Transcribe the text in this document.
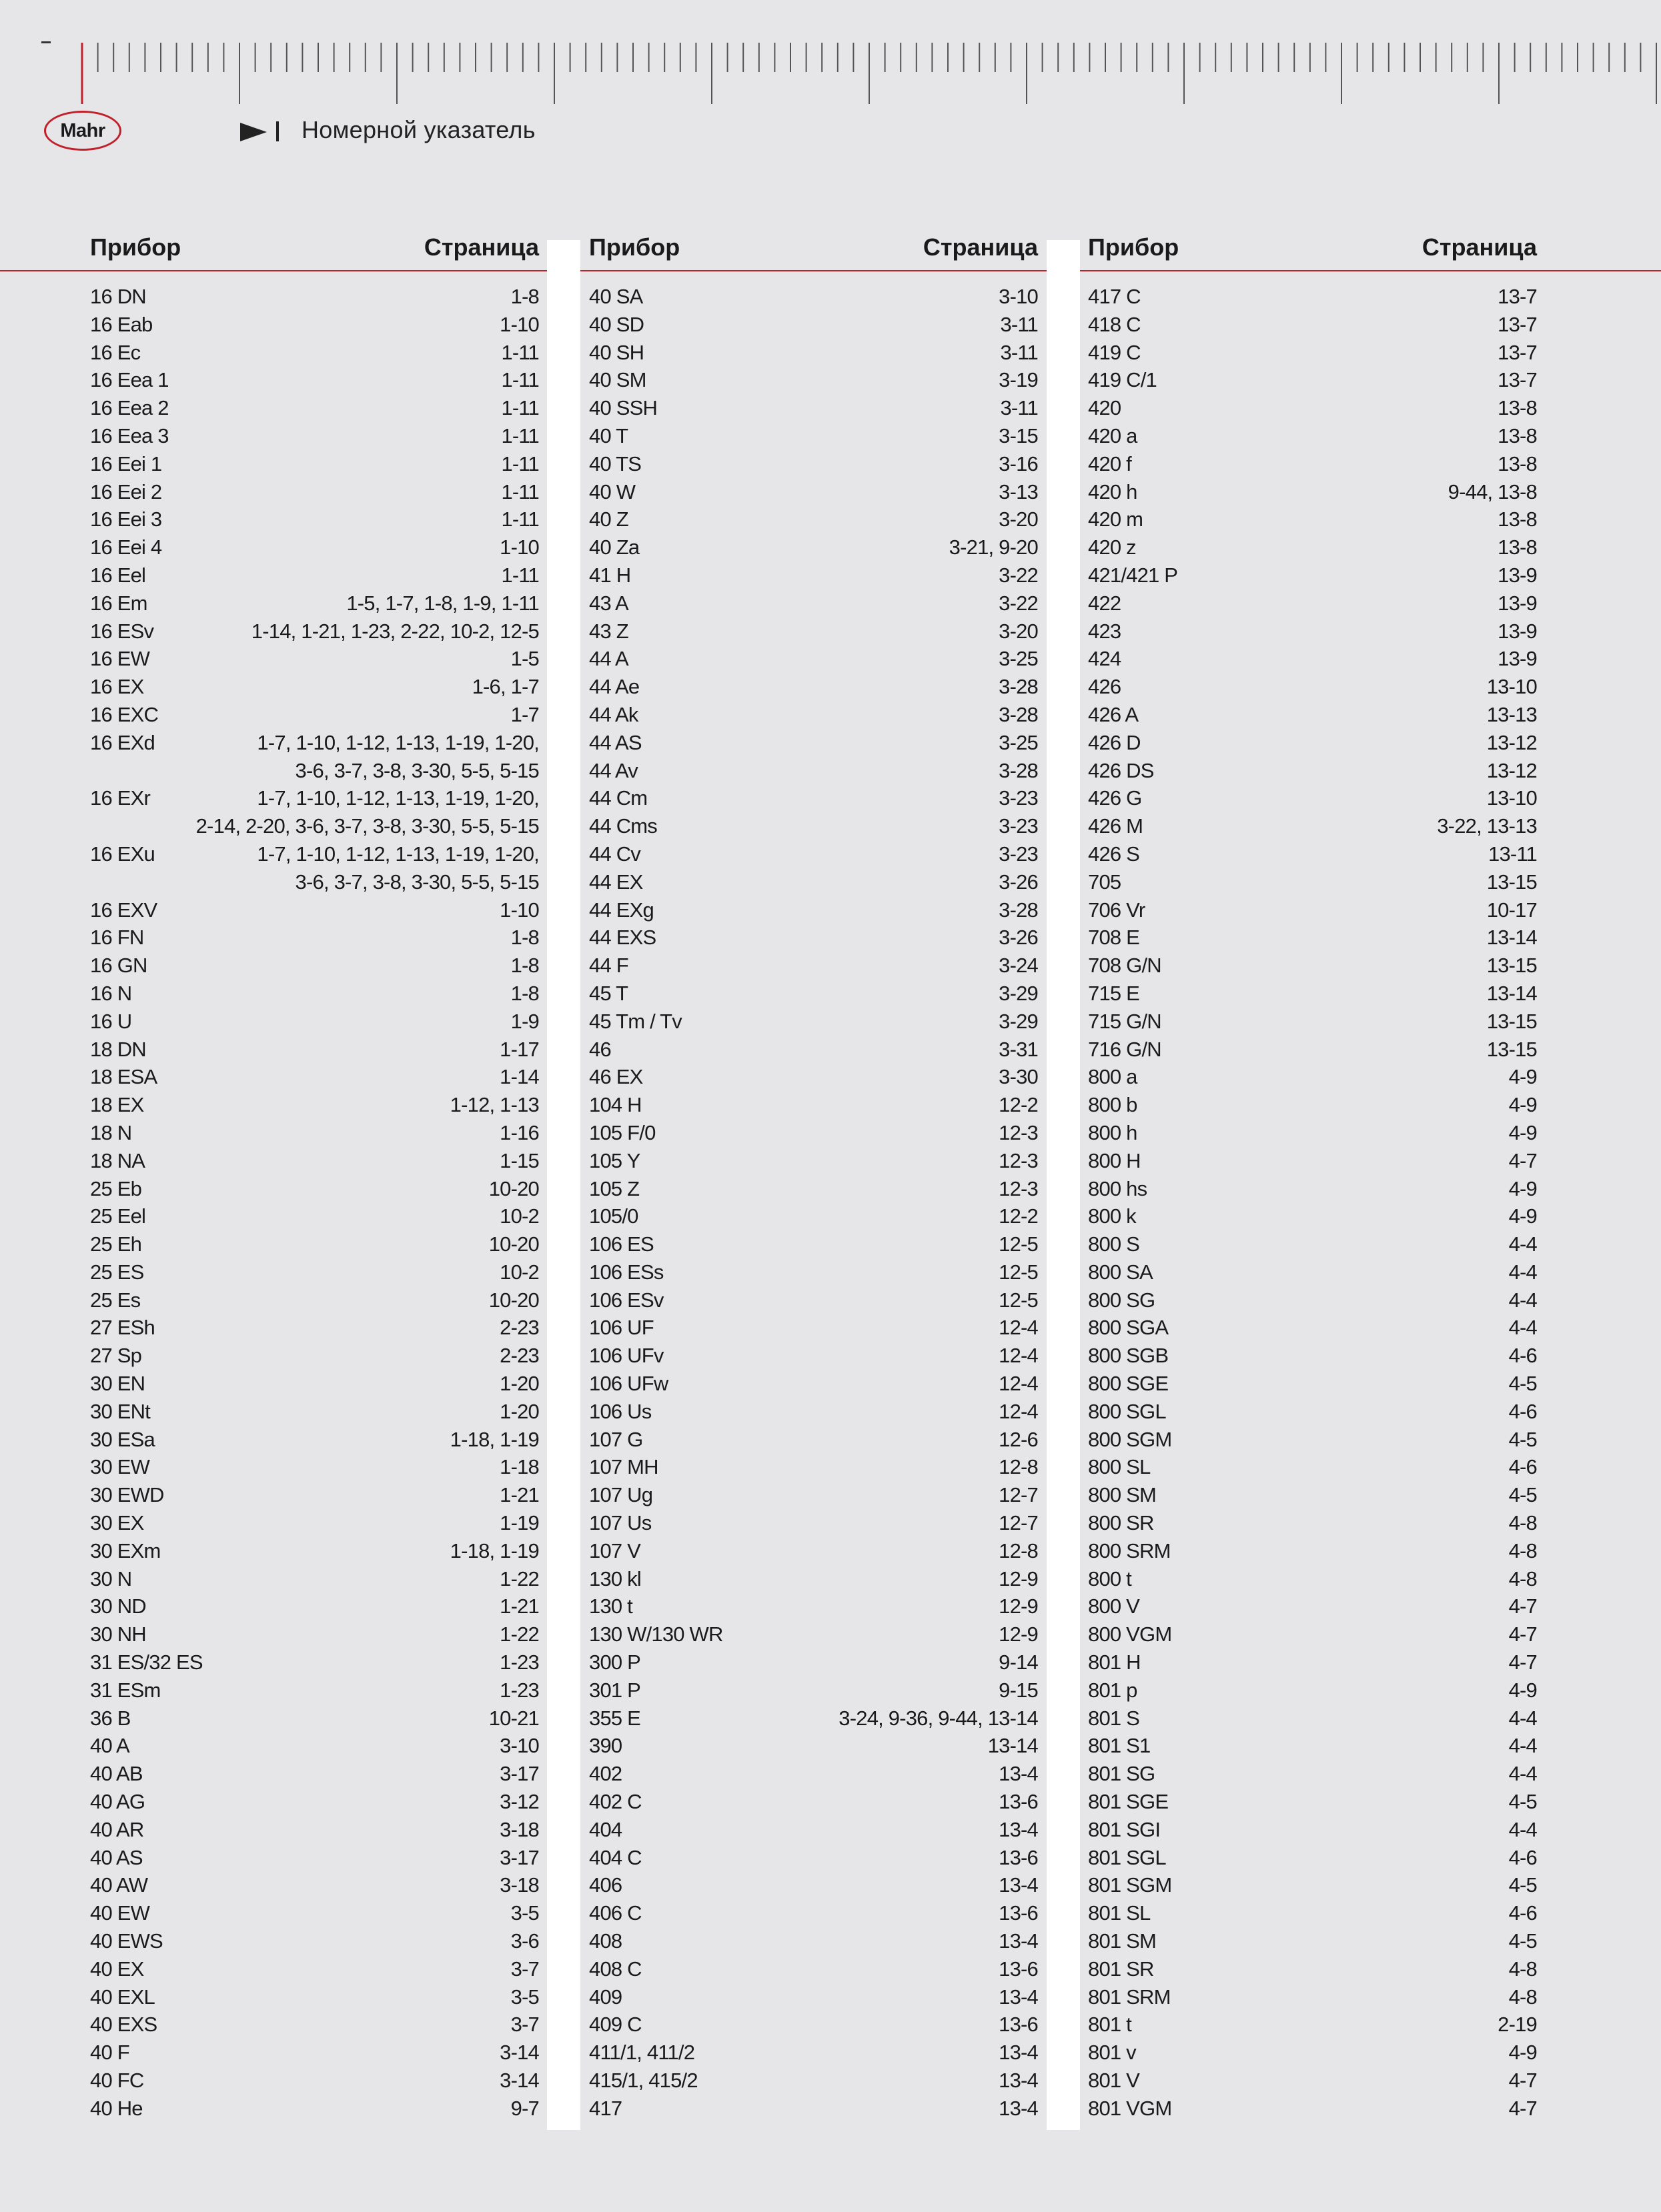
Mahr	Номерной указатель
Прибор	Страница
16 DN	1-8
16 Eab	1-10
16 Ec	1-11
16 Eea 1	1-11
16 Eea 2	1-11
16 Eea 3	1-11
16 Eei 1	1-11
16 Eei 2	1-11
16 Eei 3	1-11
16 Eei 4	1-10
16 Eel	1-11
16 Em	1-5, 1-7, 1-8, 1-9, 1-11
16 ESv	1-14, 1-21, 1-23, 2-22, 10-2, 12-5
16 EW	1-5
16 EX	1-6, 1-7
16 EXC	1-7
16 EXd	1-7, 1-10, 1-12, 1-13, 1-19, 1-20,
3-6, 3-7, 3-8, 3-30, 5-5, 5-15
16 EXr	1-7, 1-10, 1-12, 1-13, 1-19, 1-20,
2-14, 2-20, 3-6, 3-7, 3-8, 3-30, 5-5, 5-15
16 EXu	1-7, 1-10, 1-12, 1-13, 1-19, 1-20,
3-6, 3-7, 3-8, 3-30, 5-5, 5-15
16 EXV	1-10
16 FN	1-8
16 GN	1-8
16 N	1-8
16 U	1-9
18 DN	1-17
18 ESA	1-14
18 EX	1-12, 1-13
18 N	1-16
18 NA	1-15
25 Eb	10-20
25 Eel	10-2
25 Eh	10-20
25 ES	10-2
25 Es	10-20
27 ESh	2-23
27 Sp	2-23
30 EN	1-20
30 ENt	1-20
30 ESa	1-18, 1-19
30 EW	1-18
30 EWD	1-21
30 EX	1-19
30 EXm	1-18, 1-19
30 N	1-22
30 ND	1-21
30 NH	1-22
31 ES/32 ES	1-23
31 ESm	1-23
36 B	10-21
40 A	3-10
40 AB	3-17
40 AG	3-12
40 AR	3-18
40 AS	3-17
40 AW	3-18
40 EW	3-5
40 EWS	3-6
40 EX	3-7
40 EXL	3-5
40 EXS	3-7
40 F	3-14
40 FC	3-14
40 He	9-7
Прибор	Страница
40 SA	3-10
40 SD	3-11
40 SH	3-11
40 SM	3-19
40 SSH	3-11
40 T	3-15
40 TS	3-16
40 W	3-13
40 Z	3-20
40 Za	3-21, 9-20
41 H	3-22
43 A	3-22
43 Z	3-20
44 A	3-25
44 Ae	3-28
44 Ak	3-28
44 AS	3-25
44 Av	3-28
44 Cm	3-23
44 Cms	3-23
44 Cv	3-23
44 EX	3-26
44 EXg	3-28
44 EXS	3-26
44 F	3-24
45 T	3-29
45 Tm / Tv	3-29
46	3-31
46 EX	3-30
104 H	12-2
105 F/0	12-3
105 Y	12-3
105 Z	12-3
105/0	12-2
106 ES	12-5
106 ESs	12-5
106 ESv	12-5
106 UF	12-4
106 UFv	12-4
106 UFw	12-4
106 Us	12-4
107 G	12-6
107 MH	12-8
107 Ug	12-7
107 Us	12-7
107 V	12-8
130 kl	12-9
130 t	12-9
130 W/130 WR	12-9
300 P	9-14
301 P	9-15
355 E	3-24, 9-36, 9-44, 13-14
390	13-14
402	13-4
402 C	13-6
404	13-4
404 C	13-6
406	13-4
406 C	13-6
408	13-4
408 C	13-6
409	13-4
409 C	13-6
411/1, 411/2	13-4
415/1, 415/2	13-4
417	13-4
Прибор	Страница
417 C	13-7
418 C	13-7
419 C	13-7
419 C/1	13-7
420	13-8
420 a	13-8
420 f	13-8
420 h	9-44, 13-8
420 m	13-8
420 z	13-8
421/421 P	13-9
422	13-9
423	13-9
424	13-9
426	13-10
426 A	13-13
426 D	13-12
426 DS	13-12
426 G	13-10
426 M	3-22, 13-13
426 S	13-11
705	13-15
706 Vr	10-17
708 E	13-14
708 G/N	13-15
715 E	13-14
715 G/N	13-15
716 G/N	13-15
800 a	4-9
800 b	4-9
800 h	4-9
800 H	4-7
800 hs	4-9
800 k	4-9
800 S	4-4
800 SA	4-4
800 SG	4-4
800 SGA	4-4
800 SGB	4-6
800 SGE	4-5
800 SGL	4-6
800 SGM	4-5
800 SL	4-6
800 SM	4-5
800 SR	4-8
800 SRM	4-8
800 t	4-8
800 V	4-7
800 VGM	4-7
801 H	4-7
801 p	4-9
801 S	4-4
801 S1	4-4
801 SG	4-4
801 SGE	4-5
801 SGI	4-4
801 SGL	4-6
801 SGM	4-5
801 SL	4-6
801 SM	4-5
801 SR	4-8
801 SRM	4-8
801 t	2-19
801 v	4-9
801 V	4-7
801 VGM	4-7
